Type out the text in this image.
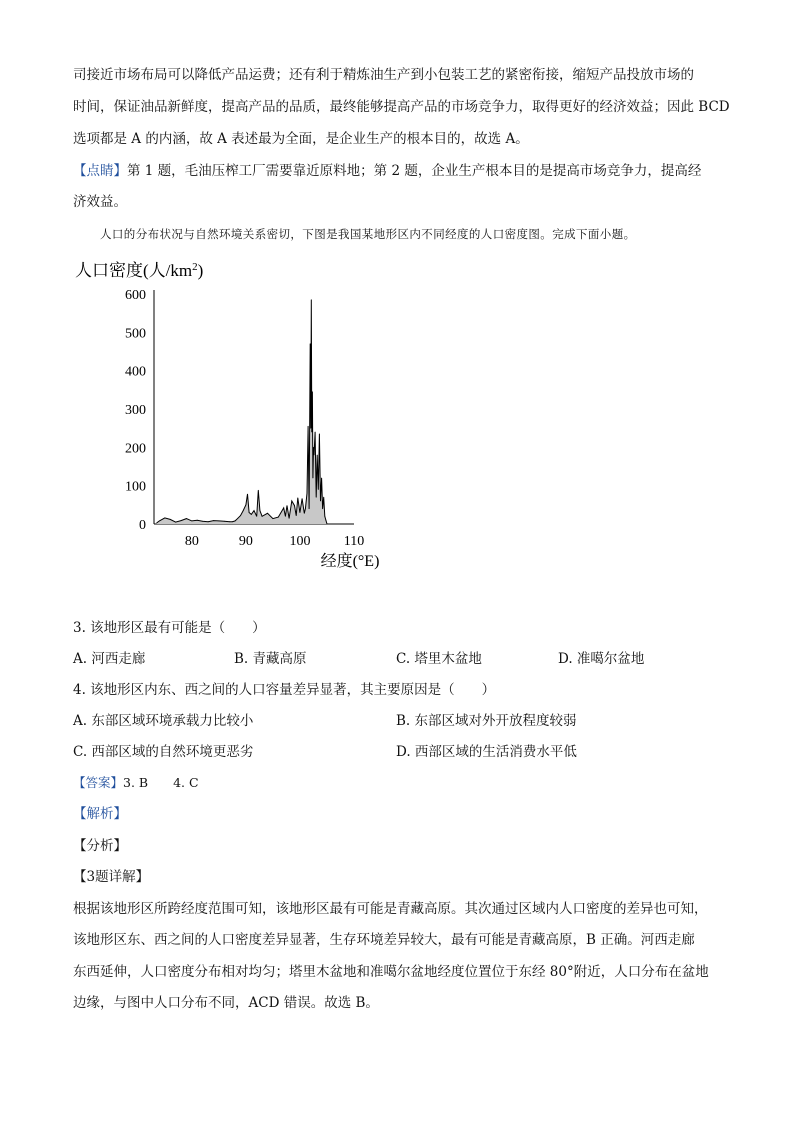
司接近市场布局可以降低产品运费；还有利于精炼油生产到小包装工艺的紧密衔接，缩短产品投放市场的
时间，保证油品新鲜度，提高产品的品质，最终能够提高产品的市场竞争力，取得更好的经济效益；因此 BCD
选项都是 A 的内涵，故 A 表述最为全面，是企业生产的根本目的，故选 A。
【点睛】第 1 题，毛油压榨工厂需要靠近原料地；第 2 题，企业生产根本目的是提高市场竞争力，提高经
济效益。
人口的分布状况与自然环境关系密切，下图是我国某地形区内不同经度的人口密度图。完成下面小题。
人口密度(人$/km^2$)
0
100
200
300
400
500
600
80	90	100 110
经度(°E)
3. 该地形区最有可能是（　　）
A. 河西走廊	B. 青藏高原	C. 塔里木盆地	D. 准噶尔盆地
4. 该地形区内东、西之间的人口容量差异显著，其主要原因是（　　）
A. 东部区域环境承载力比较小	B. 东部区域对外开放程度较弱
C. 西部区域的自然环境更恶劣	D. 西部区域的生活消费水平低
【答案】3. B　　4. C
【解析】
【分析】
【3题详解】
根据该地形区所跨经度范围可知，该地形区最有可能是青藏高原。其次通过区域内人口密度的差异也可知，
该地形区东、西之间的人口密度差异显著，生存环境差异较大，最有可能是青藏高原，B 正确。河西走廊
东西延伸，人口密度分布相对均匀；塔里木盆地和准噶尔盆地经度位置位于东经 80°附近，人口分布在盆地
边缘，与图中人口分布不同，ACD 错误。故选 B。
